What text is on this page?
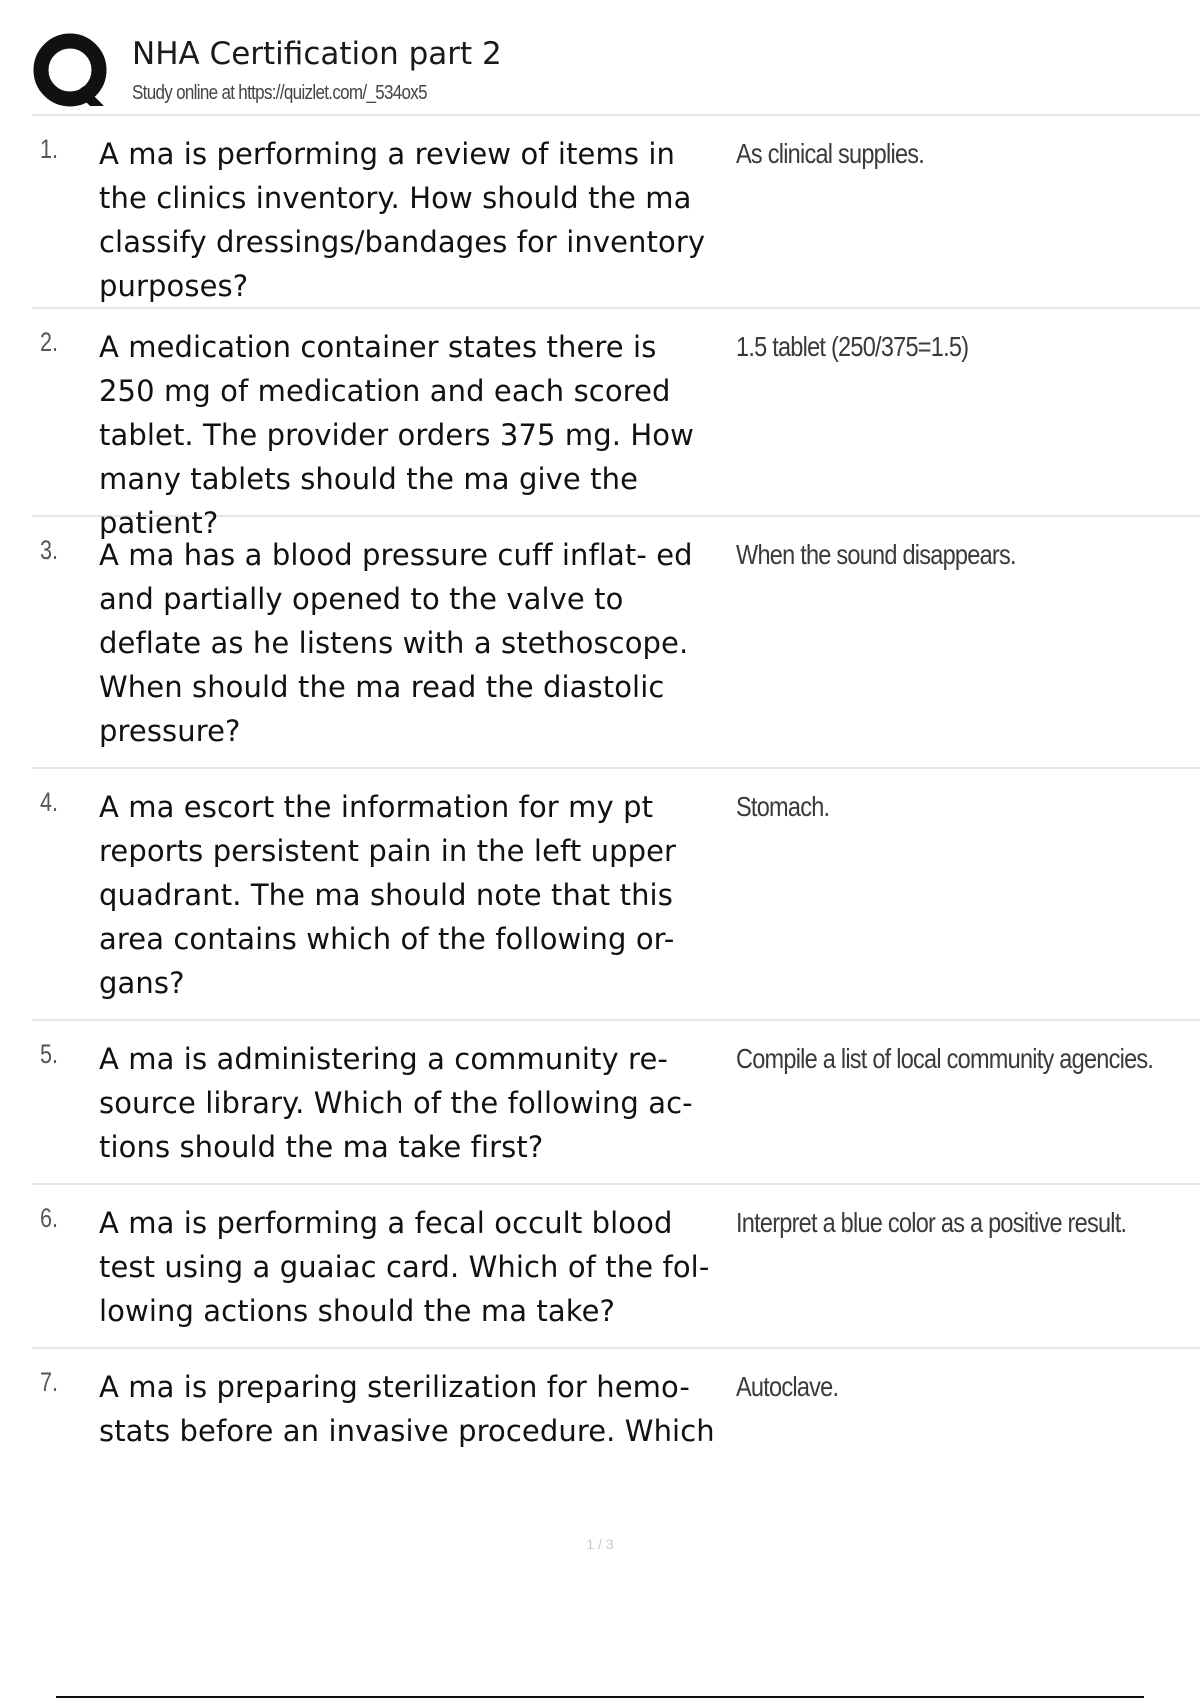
NHA Certification part 2
Study online at https://quizlet.com/_534ox5
1. A ma is performing a review of items in the clinics inventory. How should the ma classify dressings/bandages for inventory purposes?
As clinical supplies.
2. A medication container states there is 250 mg of medication and each scored tablet. The provider orders 375 mg. How many tablets should the ma give the patient?
1.5 tablet (250/375=1.5)
3. A ma has a blood pressure cuff inflat- ed and partially opened to the valve to deflate as he listens with a stethoscope. When should the ma read the diastolic pressure?
When the sound disappears.
4. A ma escort the information for my pt reports persistent pain in the left upper quadrant. The ma should note that this area contains which of the following or- gans?
Stomach.
5. A ma is administering a community re- source library. Which of the following ac- tions should the ma take first?
Compile a list of local community agencies.
6. A ma is performing a fecal occult blood test using a guaiac card. Which of the fol- lowing actions should the ma take?
Interpret a blue color as a positive result.
7. A ma is preparing sterilization for hemo- stats before an invasive procedure. Which
Autoclave.
1 / 3
